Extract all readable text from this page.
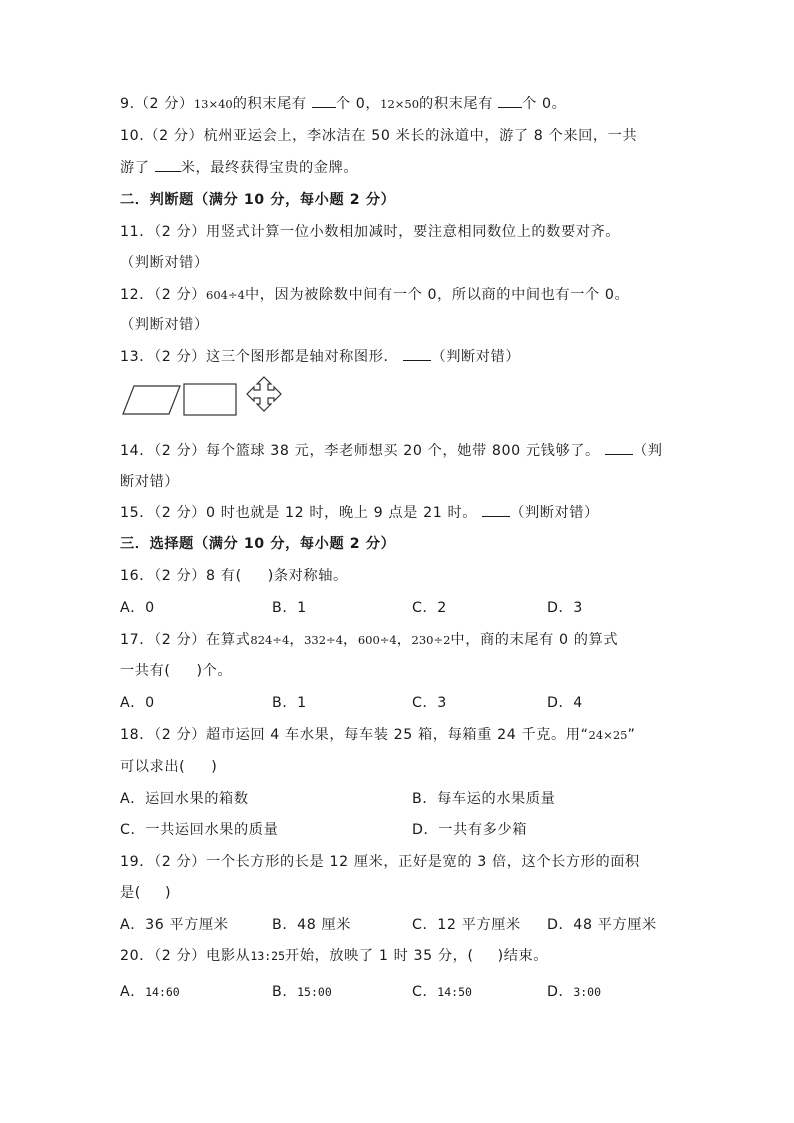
9.（2 分）13×40的积末尾有 个 0，12×50的积末尾有 个 0。
10.（2 分）杭州亚运会上，李冰洁在 50 米长的泳道中，游了 8 个来回，一共
游了 米，最终获得宝贵的金牌。
二．判断题（满分 10 分，每小题 2 分）
11．（2 分）用竖式计算一位小数相加减时，要注意相同数位上的数要对齐。
（判断对错）
12．（2 分）604÷4中，因为被除数中间有一个 0，所以商的中间也有一个 0。
（判断对错）
13．（2 分）这三个图形都是轴对称图形． （判断对错）
14．（2 分）每个篮球 38 元，李老师想买 20 个，她带 800 元钱够了。 （判
断对错）
15．（2 分）0 时也就是 12 时，晚上 9 点是 21 时。 （判断对错）
三．选择题（满分 10 分，每小题 2 分）
16．（2 分）8 有( )条对称轴。
A．0	B．1	C．2	D．3
17．（2 分）在算式824÷4，332÷4，600÷4，230÷2中，商的末尾有 0 的算式
一共有( )个。
A．0	B．1	C．3	D．4
18．（2 分）超市运回 4 车水果，每车装 25 箱，每箱重 24 千克。用“24×25”
可以求出( )
A．运回水果的箱数	B．每车运的水果质量
C．一共运回水果的质量	D．一共有多少箱
19．（2 分）一个长方形的长是 12 厘米，正好是宽的 3 倍，这个长方形的面积
是( )
A．36 平方厘米	B．48 厘米	C．12 平方厘米 D．48 平方厘米
20．（2 分）电影从13:25开始，放映了 1 时 35 分，( )结束。
A．14:60	B．15:00	C．14:50	D．3:00
